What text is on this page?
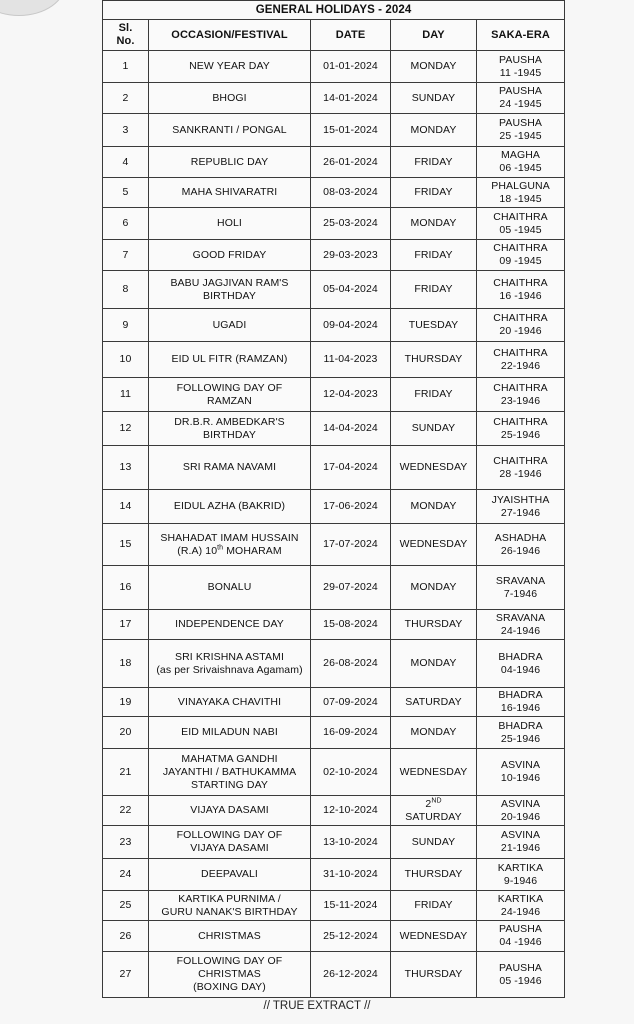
GENERAL HOLIDAYS - 2024				

Sl.
No.	OCCASION/FESTIVAL	DATE	DAY	SAKA-ERA
1	NEW YEAR DAY	01-01-2024	MONDAY	PAUSHA
11 -1945

2	BHOGI	14-01-2024	SUNDAY	PAUSHA
24 -1945

3	SANKRANTI / PONGAL	15-01-2024	MONDAY	PAUSHA
25 -1945

4	REPUBLIC DAY	26-01-2024	FRIDAY	MAGHA
06 -1945

5	MAHA SHIVARATRI	08-03-2024	FRIDAY	PHALGUNA
18 -1945

6	HOLI	25-03-2024	MONDAY	CHAITHRA
05 -1945

7	GOOD FRIDAY	29-03-2023	FRIDAY	CHAITHRA
09 -1945

8	BABU JAGJIVAN RAM'S
BIRTHDAY	05-04-2024	FRIDAY	CHAITHRA
16 -1946

9	UGADI	09-04-2024	TUESDAY	CHAITHRA
20 -1946

10	EID UL FITR (RAMZAN)	11-04-2023	THURSDAY	CHAITHRA
22-1946

11	FOLLOWING DAY OF
RAMZAN	12-04-2023	FRIDAY	CHAITHRA
23-1946

12	DR.B.R. AMBEDKAR'S
BIRTHDAY	14-04-2024	SUNDAY	CHAITHRA
25-1946

13	SRI RAMA NAVAMI	17-04-2024	WEDNESDAY	CHAITHRA
28 -1946

14	EIDUL AZHA (BAKRID)	17-06-2024	MONDAY	JYAISHTHA
27-1946

15	SHAHADAT IMAM HUSSAIN
(R.A) 10th MOHARAM	17-07-2024	WEDNESDAY	ASHADHA
26-1946

16	BONALU	29-07-2024	MONDAY	SRAVANA
7-1946

17	INDEPENDENCE DAY	15-08-2024	THURSDAY	SRAVANA
24-1946

18	SRI KRISHNA ASTAMI
(as per Srivaishnava Agamam)	26-08-2024	MONDAY	BHADRA
04-1946

19	VINAYAKA CHAVITHI	07-09-2024	SATURDAY	BHADRA
16-1946

20	EID MILADUN NABI	16-09-2024	MONDAY	BHADRA
25-1946

21	MAHATMA GANDHI
JAYANTHI / BATHUKAMMA
STARTING DAY	02-10-2024	WEDNESDAY	ASVINA
10-1946

22	VIJAYA DASAMI	12-10-2024	2ND
SATURDAY	ASVINA
20-1946

23	FOLLOWING DAY OF
VIJAYA DASAMI	13-10-2024	SUNDAY	ASVINA
21-1946

24	DEEPAVALI	31-10-2024	THURSDAY	KARTIKA
9-1946

25	KARTIKA PURNIMA /
GURU NANAK'S BIRTHDAY	15-11-2024	FRIDAY	KARTIKA
24-1946

26	CHRISTMAS	25-12-2024	WEDNESDAY	PAUSHA
04 -1946

27	FOLLOWING DAY OF
CHRISTMAS
(BOXING DAY)	26-12-2024	THURSDAY	PAUSHA
05 -1946
// TRUE EXTRACT //
